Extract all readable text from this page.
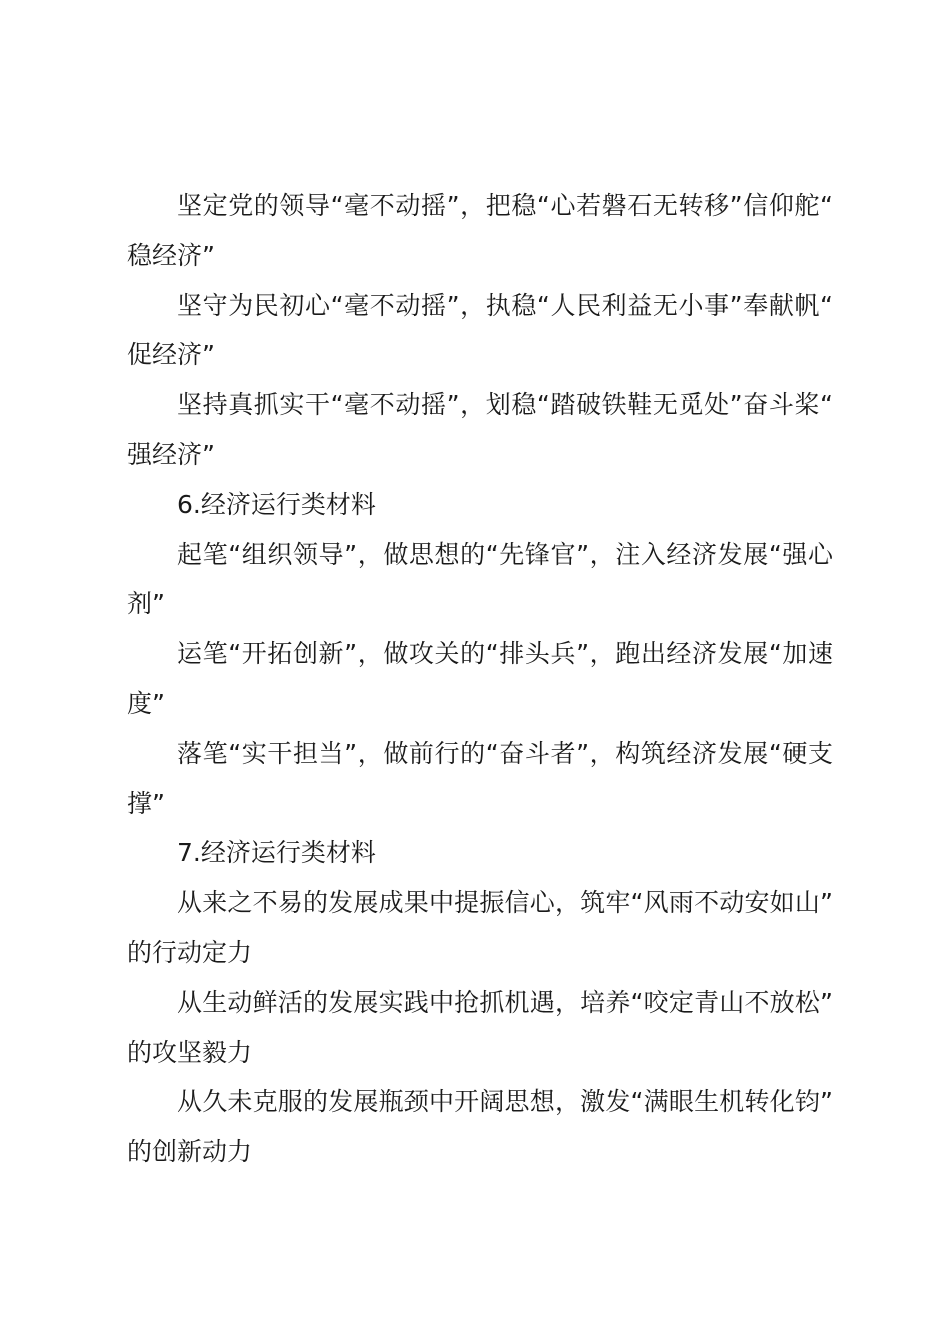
坚定党的领导“毫不动摇”，把稳“心若磐石无转移”信仰舵“稳经济”

坚守为民初心“毫不动摇”，执稳“人民利益无小事”奉献帆“促经济”

坚持真抓实干“毫不动摇”，划稳“踏破铁鞋无觅处”奋斗桨“强经济”

6.经济运行类材料

起笔“组织领导”，做思想的“先锋官”，注入经济发展“强心剂”

运笔“开拓创新”，做攻关的“排头兵”，跑出经济发展“加速度”

落笔“实干担当”，做前行的“奋斗者”，构筑经济发展“硬支撑”

7.经济运行类材料

从来之不易的发展成果中提振信心，筑牢“风雨不动安如山”的行动定力

从生动鲜活的发展实践中抢抓机遇，培养“咬定青山不放松”的攻坚毅力

从久未克服的发展瓶颈中开阔思想，激发“满眼生机转化钧”的创新动力
